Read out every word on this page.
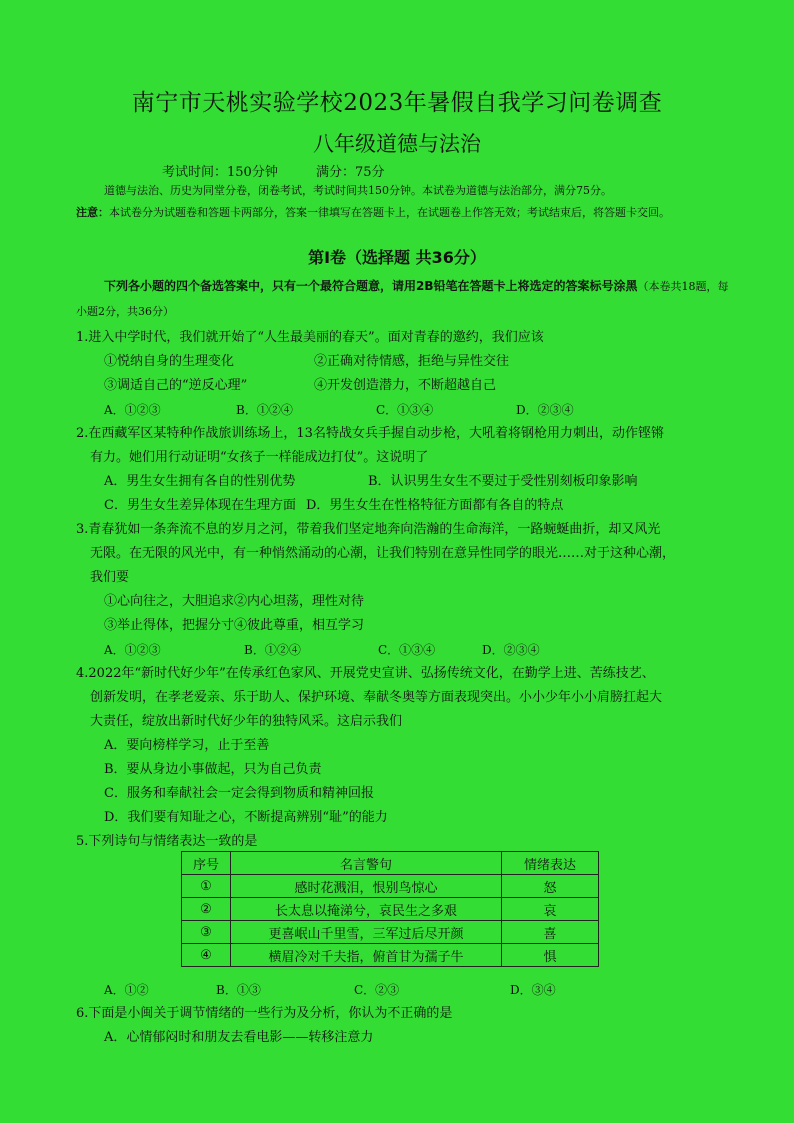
南宁市天桃实验学校2023年暑假自我学习问卷调查
八年级道德与法治
考试时间：150分钟	满分：75分
道德与法治、历史为同堂分卷，闭卷考试，考试时间共150分钟。本试卷为道德与法治部分，满分75分。
注意：本试卷分为试题卷和答题卡两部分，答案一律填写在答题卡上，在试题卷上作答无效；考试结束后，将答题卡交回。
第Ⅰ卷（选择题 共36分）
下列各小题的四个备选答案中，只有一个最符合题意，请用2B铅笔在答题卡上将选定的答案标号涂黑（本卷共18题，每小题2分，共36分）
1.进入中学时代，我们就开始了“人生最美丽的春天”。面对青春的邀约，我们应该
①悦纳自身的生理变化	②正确对待情感，拒绝与异性交往
③调适自己的“逆反心理”	④开发创造潜力，不断超越自己
A．①②③	B．①②④	C．①③④	D．②③④
2.在西藏军区某特种作战旅训练场上，13名特战女兵手握自动步枪，大吼着将钢枪用力刺出，动作铿锵
有力。她们用行动证明“女孩子一样能成边打仗”。这说明了
A．男生女生拥有各自的性别优势	B．认识男生女生不要过于受性别刻板印象影响
C．男生女生差异体现在生理方面 D．男生女生在性格特征方面都有各自的特点
3.青春犹如一条奔流不息的岁月之河，带着我们坚定地奔向浩瀚的生命海洋，一路蜿蜒曲折，却又风光
无限。在无限的风光中，有一种悄然涌动的心潮，让我们特别在意异性同学的眼光……对于这种心潮，
我们要
①心向往之，大胆追求②内心坦荡，理性对待
③举止得体，把握分寸④彼此尊重，相互学习
A．①②③	B．①②④	C．①③④	D．②③④
4.2022年“新时代好少年”在传承红色家风、开展党史宣讲、弘扬传统文化，在勤学上进、苦练技艺、
创新发明，在孝老爱亲、乐于助人、保护环境、奉献冬奥等方面表现突出。小小少年小小肩膀扛起大
大责任，绽放出新时代好少年的独特风采。这启示我们
A．要向榜样学习，止于至善
B．要从身边小事做起，只为自己负责
C．服务和奉献社会一定会得到物质和精神回报
D．我们要有知耻之心，不断提高辨别“耻”的能力
5.下列诗句与情绪表达一致的是
序号	名言警句	情绪表达
①	感时花溅泪，恨别鸟惊心	怒
②	长太息以掩涕兮，哀民生之多艰	哀
③	更喜岷山千里雪，三军过后尽开颜	喜
④	横眉冷对千夫指，俯首甘为孺子牛	惧
A．①②	B．①③	C．②③	D．③④
6.下面是小闽关于调节情绪的一些行为及分析，你认为不正确的是
A．心情郁闷时和朋友去看电影——转移注意力
